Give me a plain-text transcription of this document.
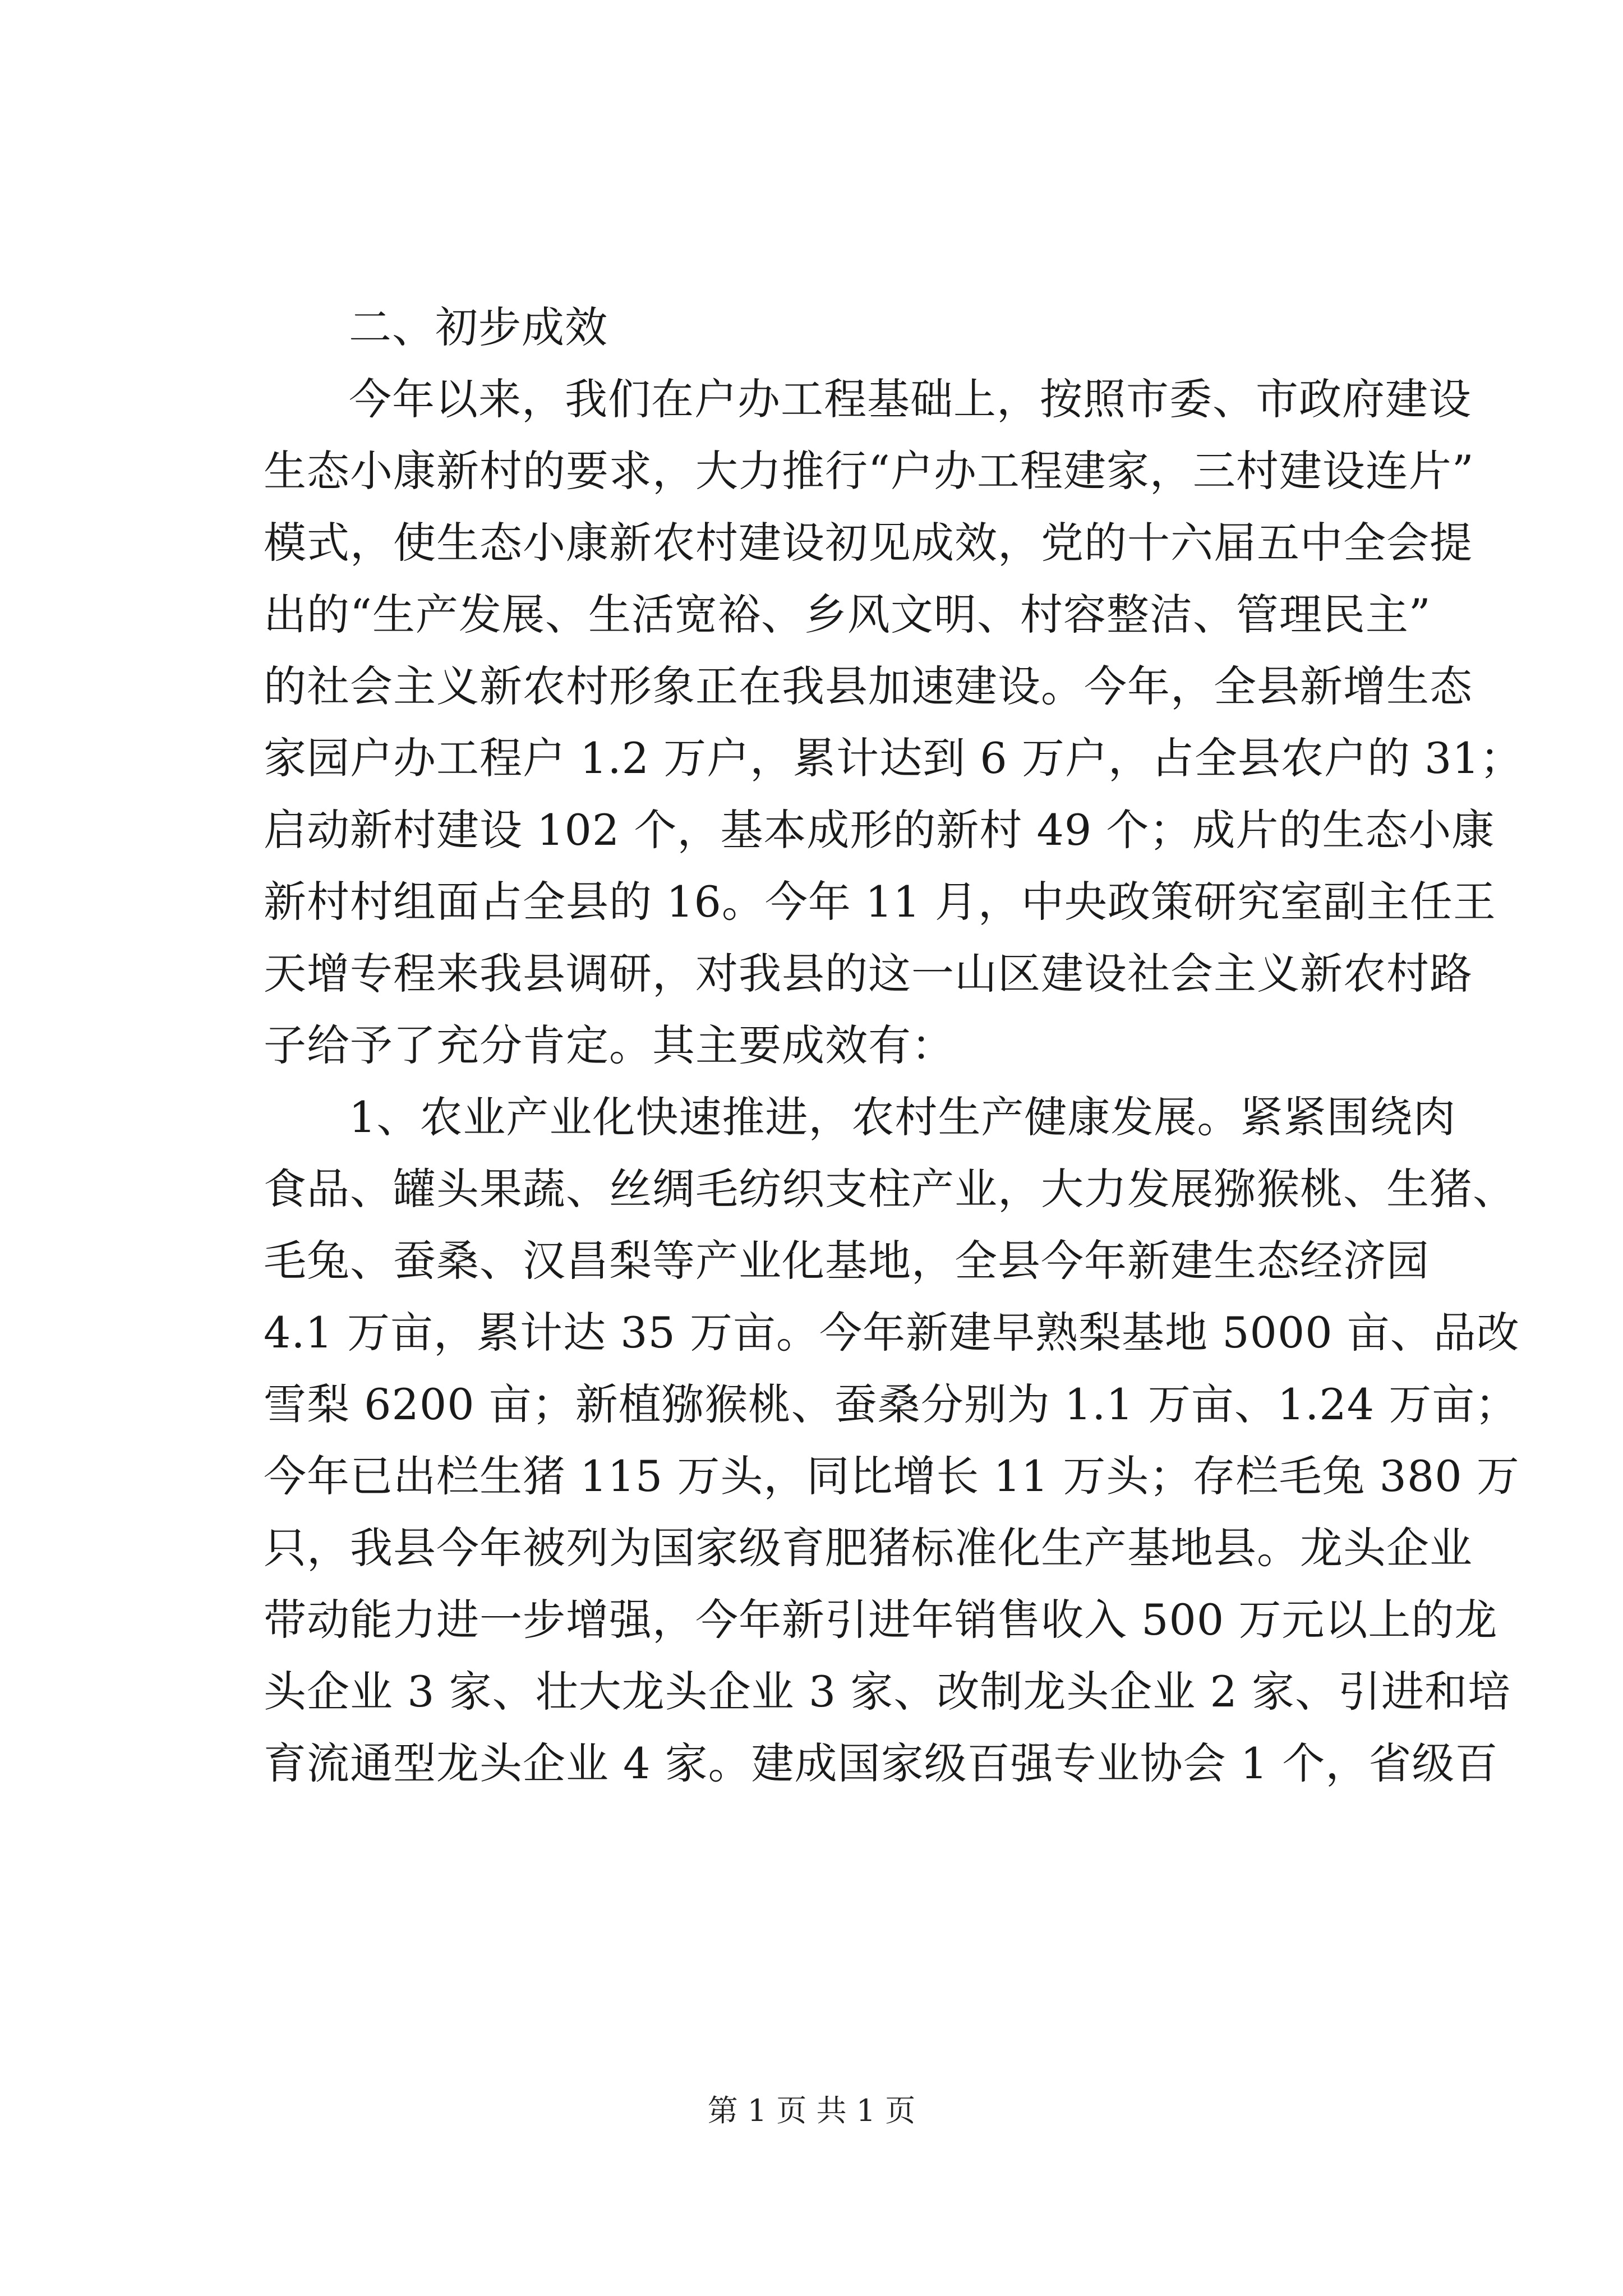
二、初步成效
今年以来，我们在户办工程基础上，按照市委、市政府建设
生态小康新村的要求，大力推行“户办工程建家，三村建设连片”
模式，使生态小康新农村建设初见成效，党的十六届五中全会提
出的“生产发展、生活宽裕、乡风文明、村容整洁、管理民主”
的社会主义新农村形象正在我县加速建设。今年，全县新增生态
家园户办工程户 1.2 万户，累计达到 6 万户，占全县农户的 31；
启动新村建设 102 个，基本成形的新村 49 个；成片的生态小康
新村村组面占全县的 16。今年 11 月，中央政策研究室副主任王
天增专程来我县调研，对我县的这一山区建设社会主义新农村路
子给予了充分肯定。其主要成效有：
1、农业产业化快速推进，农村生产健康发展。紧紧围绕肉
食品、罐头果蔬、丝绸毛纺织支柱产业，大力发展猕猴桃、生猪、
毛兔、蚕桑、汉昌梨等产业化基地，全县今年新建生态经济园
4.1 万亩，累计达 35 万亩。今年新建早熟梨基地 5000 亩、品改
雪梨 6200 亩；新植猕猴桃、蚕桑分别为 1.1 万亩、1.24 万亩；
今年已出栏生猪 115 万头，同比增长 11 万头；存栏毛兔 380 万
只，我县今年被列为国家级育肥猪标准化生产基地县。龙头企业
带动能力进一步增强，今年新引进年销售收入 500 万元以上的龙
头企业 3 家、壮大龙头企业 3 家、改制龙头企业 2 家、引进和培
育流通型龙头企业 4 家。建成国家级百强专业协会 1 个，省级百
第 1 页 共 1 页
